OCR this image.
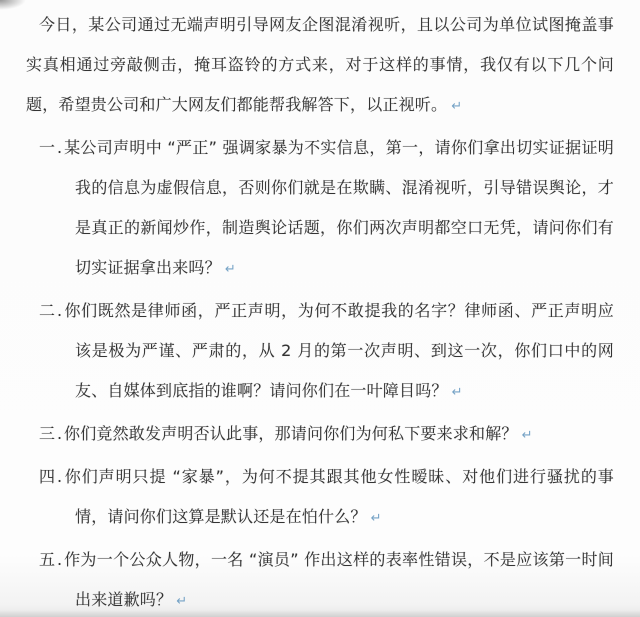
今日，某公司通过无端声明引导网友企图混淆视听，且以公司为单位试图掩盖事实真相通过旁敲侧击，掩耳盗铃的方式来，对于这样的事情，我仅有以下几个问题，希望贵公司和广大网友们都能帮我解答下，以正视听。 ↵

一.某公司声明中 “严正” 强调家暴为不实信息，第一，请你们拿出切实证据证明我的信息为虚假信息，否则你们就是在欺瞒、混淆视听，引导错误舆论，才是真正的新闻炒作，制造舆论话题，你们两次声明都空口无凭，请问你们有切实证据拿出来吗？ ↵
二.你们既然是律师函，严正声明，为何不敢提我的名字？律师函、严正声明应该是极为严谨、严肃的，从 2 月的第一次声明、到这一次，你们口中的网友、自媒体到底指的谁啊？请问你们在一叶障目吗？ ↵
三.你们竟然敢发声明否认此事，那请问你们为何私下要来求和解？ ↵
四.你们声明只提 “家暴”，为何不提其跟其他女性暧昧、对他们进行骚扰的事情，请问你们这算是默认还是在怕什么？ ↵
五.作为一个公众人物，一名 “演员” 作出这样的表率性错误，不是应该第一时间出来道歉吗？ ↵
